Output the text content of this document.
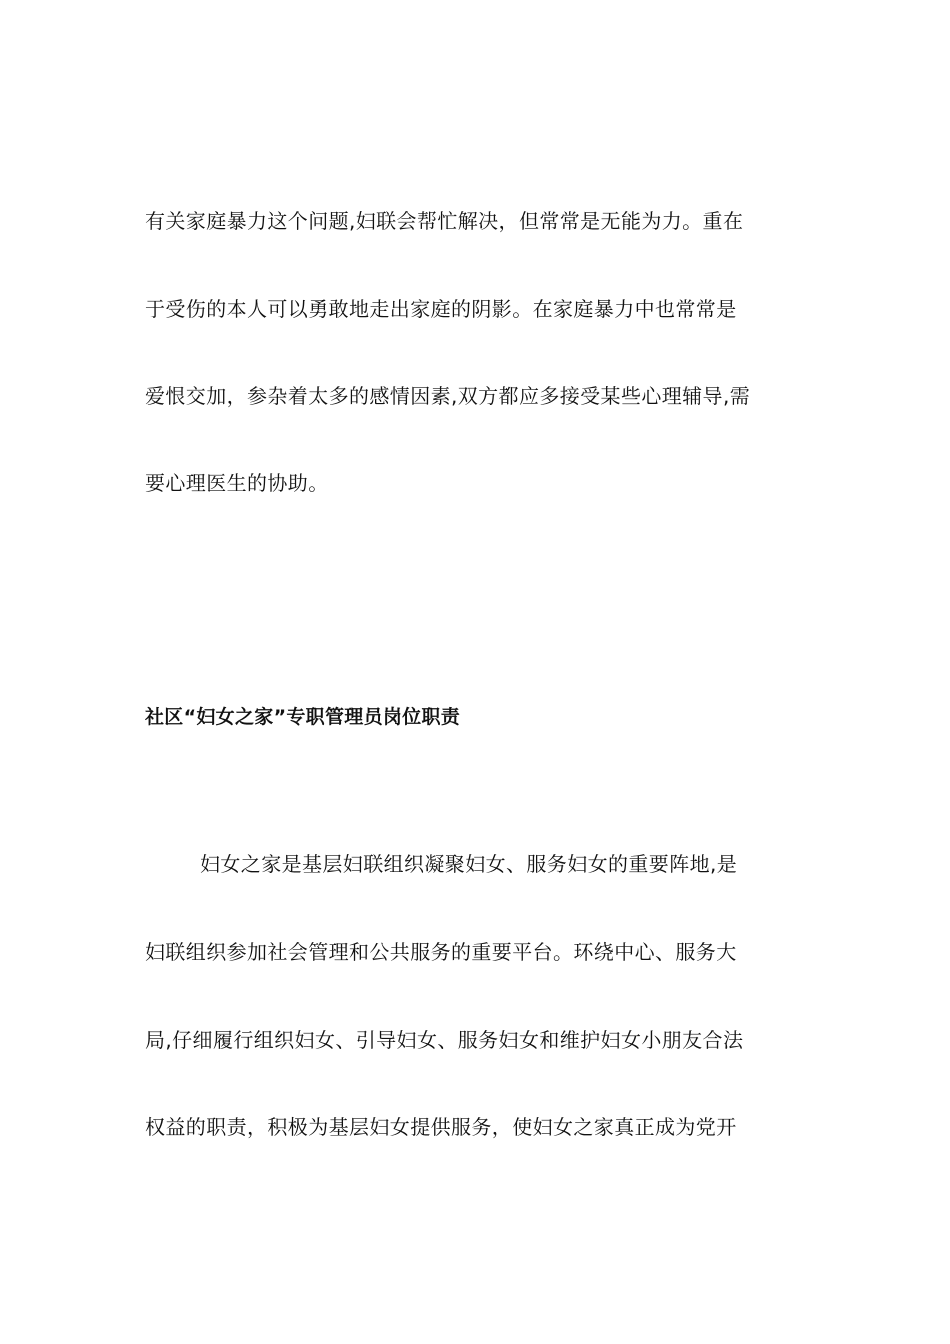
有关家庭暴力这个问题,妇联会帮忙解决，但常常是无能为力。重在
于受伤的本人可以勇敢地走出家庭的阴影。在家庭暴力中也常常是
爱恨交加，参杂着太多的感情因素,双方都应多接受某些心理辅导,需
要心理医生的协助。
社区“妇女之家”专职管理员岗位职责
妇女之家是基层妇联组织凝聚妇女、服务妇女的重要阵地,是
妇联组织参加社会管理和公共服务的重要平台。环绕中心、服务大
局,仔细履行组织妇女、引导妇女、服务妇女和维护妇女小朋友合法
权益的职责，积极为基层妇女提供服务，使妇女之家真正成为党开
